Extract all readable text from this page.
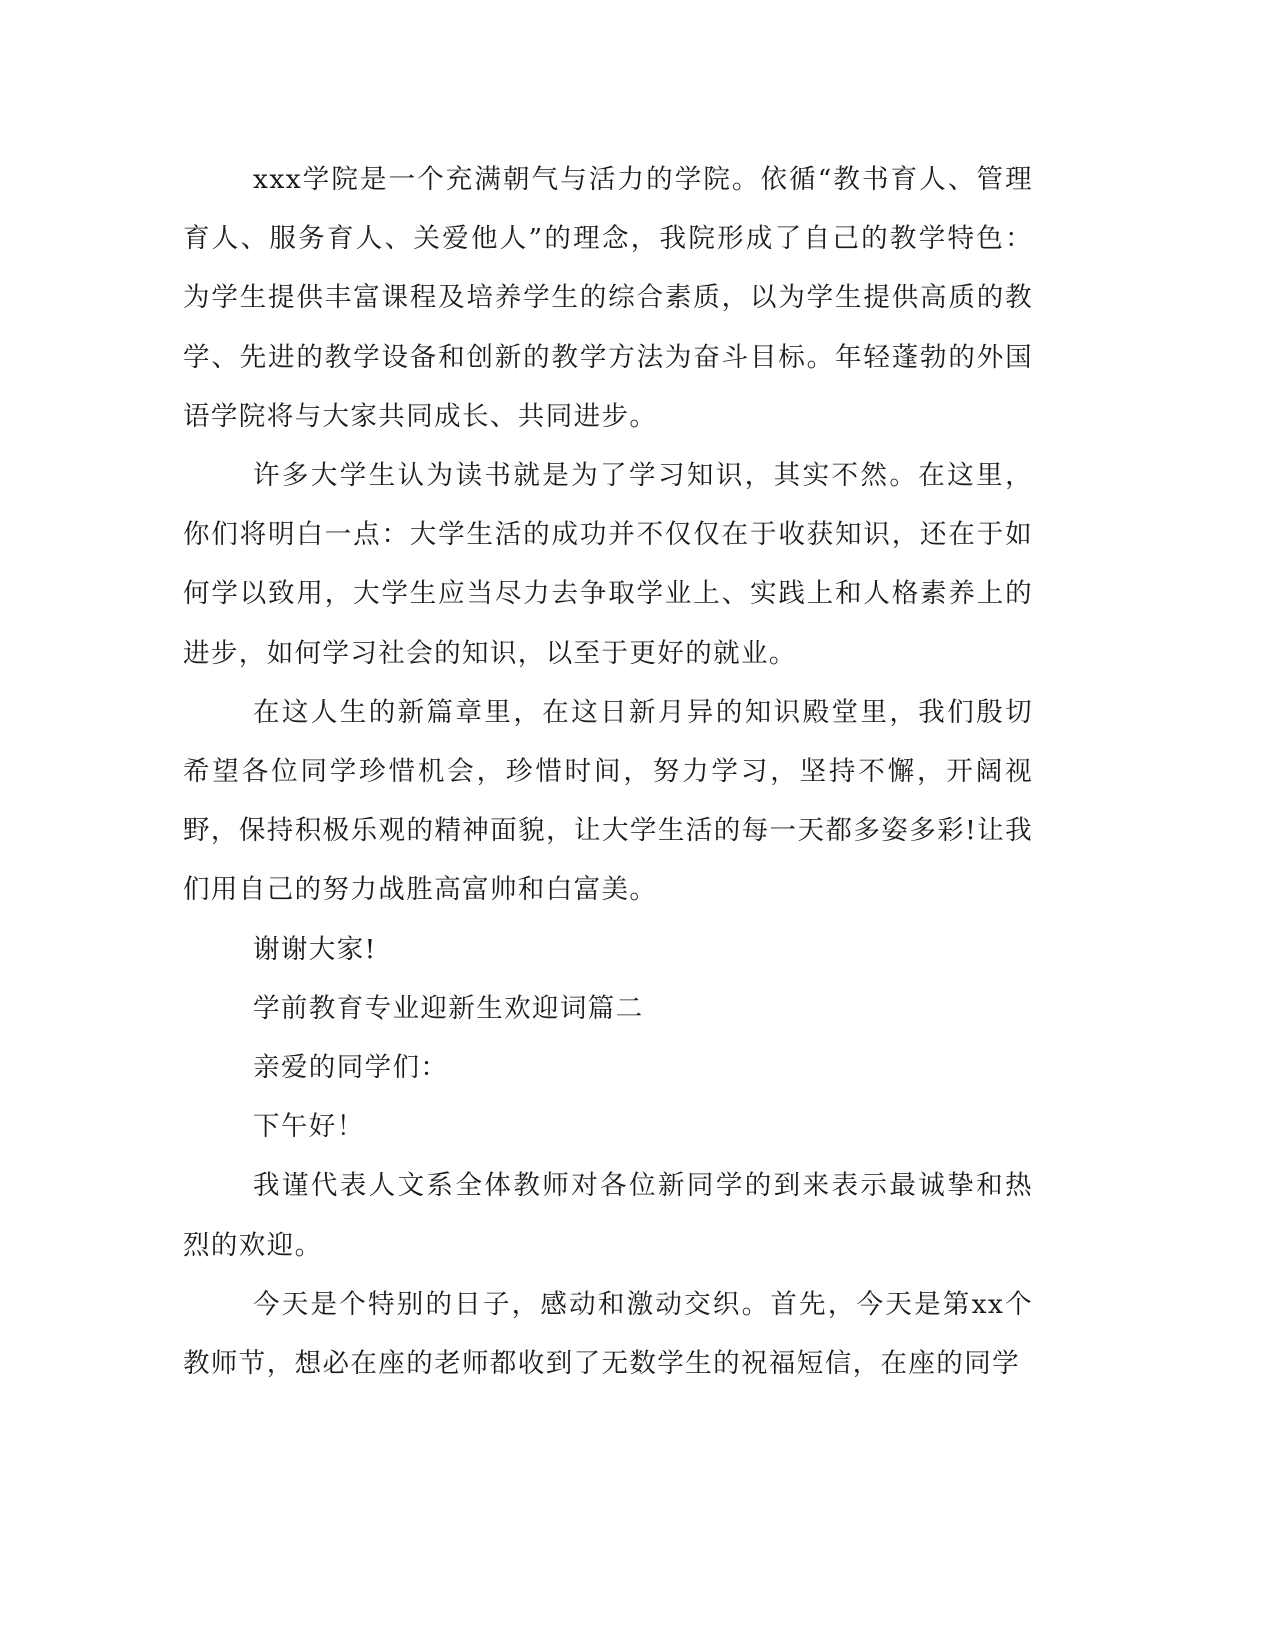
xxx学院是一个充满朝气与活力的学院。依循“教书育人、管理育人、服务育人、关爱他人”的理念，我院形成了自己的教学特色：为学生提供丰富课程及培养学生的综合素质，以为学生提供高质的教学、先进的教学设备和创新的教学方法为奋斗目标。年轻蓬勃的外国语学院将与大家共同成长、共同进步。

许多大学生认为读书就是为了学习知识，其实不然。在这里，你们将明白一点：大学生活的成功并不仅仅在于收获知识，还在于如何学以致用，大学生应当尽力去争取学业上、实践上和人格素养上的进步，如何学习社会的知识，以至于更好的就业。

在这人生的新篇章里，在这日新月异的知识殿堂里，我们殷切希望各位同学珍惜机会，珍惜时间，努力学习，坚持不懈，开阔视野，保持积极乐观的精神面貌，让大学生活的每一天都多姿多彩!让我们用自己的努力战胜高富帅和白富美。

谢谢大家!

学前教育专业迎新生欢迎词篇二

亲爱的同学们：

下午好！

我谨代表人文系全体教师对各位新同学的到来表示最诚挚和热烈的欢迎。

今天是个特别的日子，感动和激动交织。首先，今天是第xx个教师节，想必在座的老师都收到了无数学生的祝福短信，在座的同学
